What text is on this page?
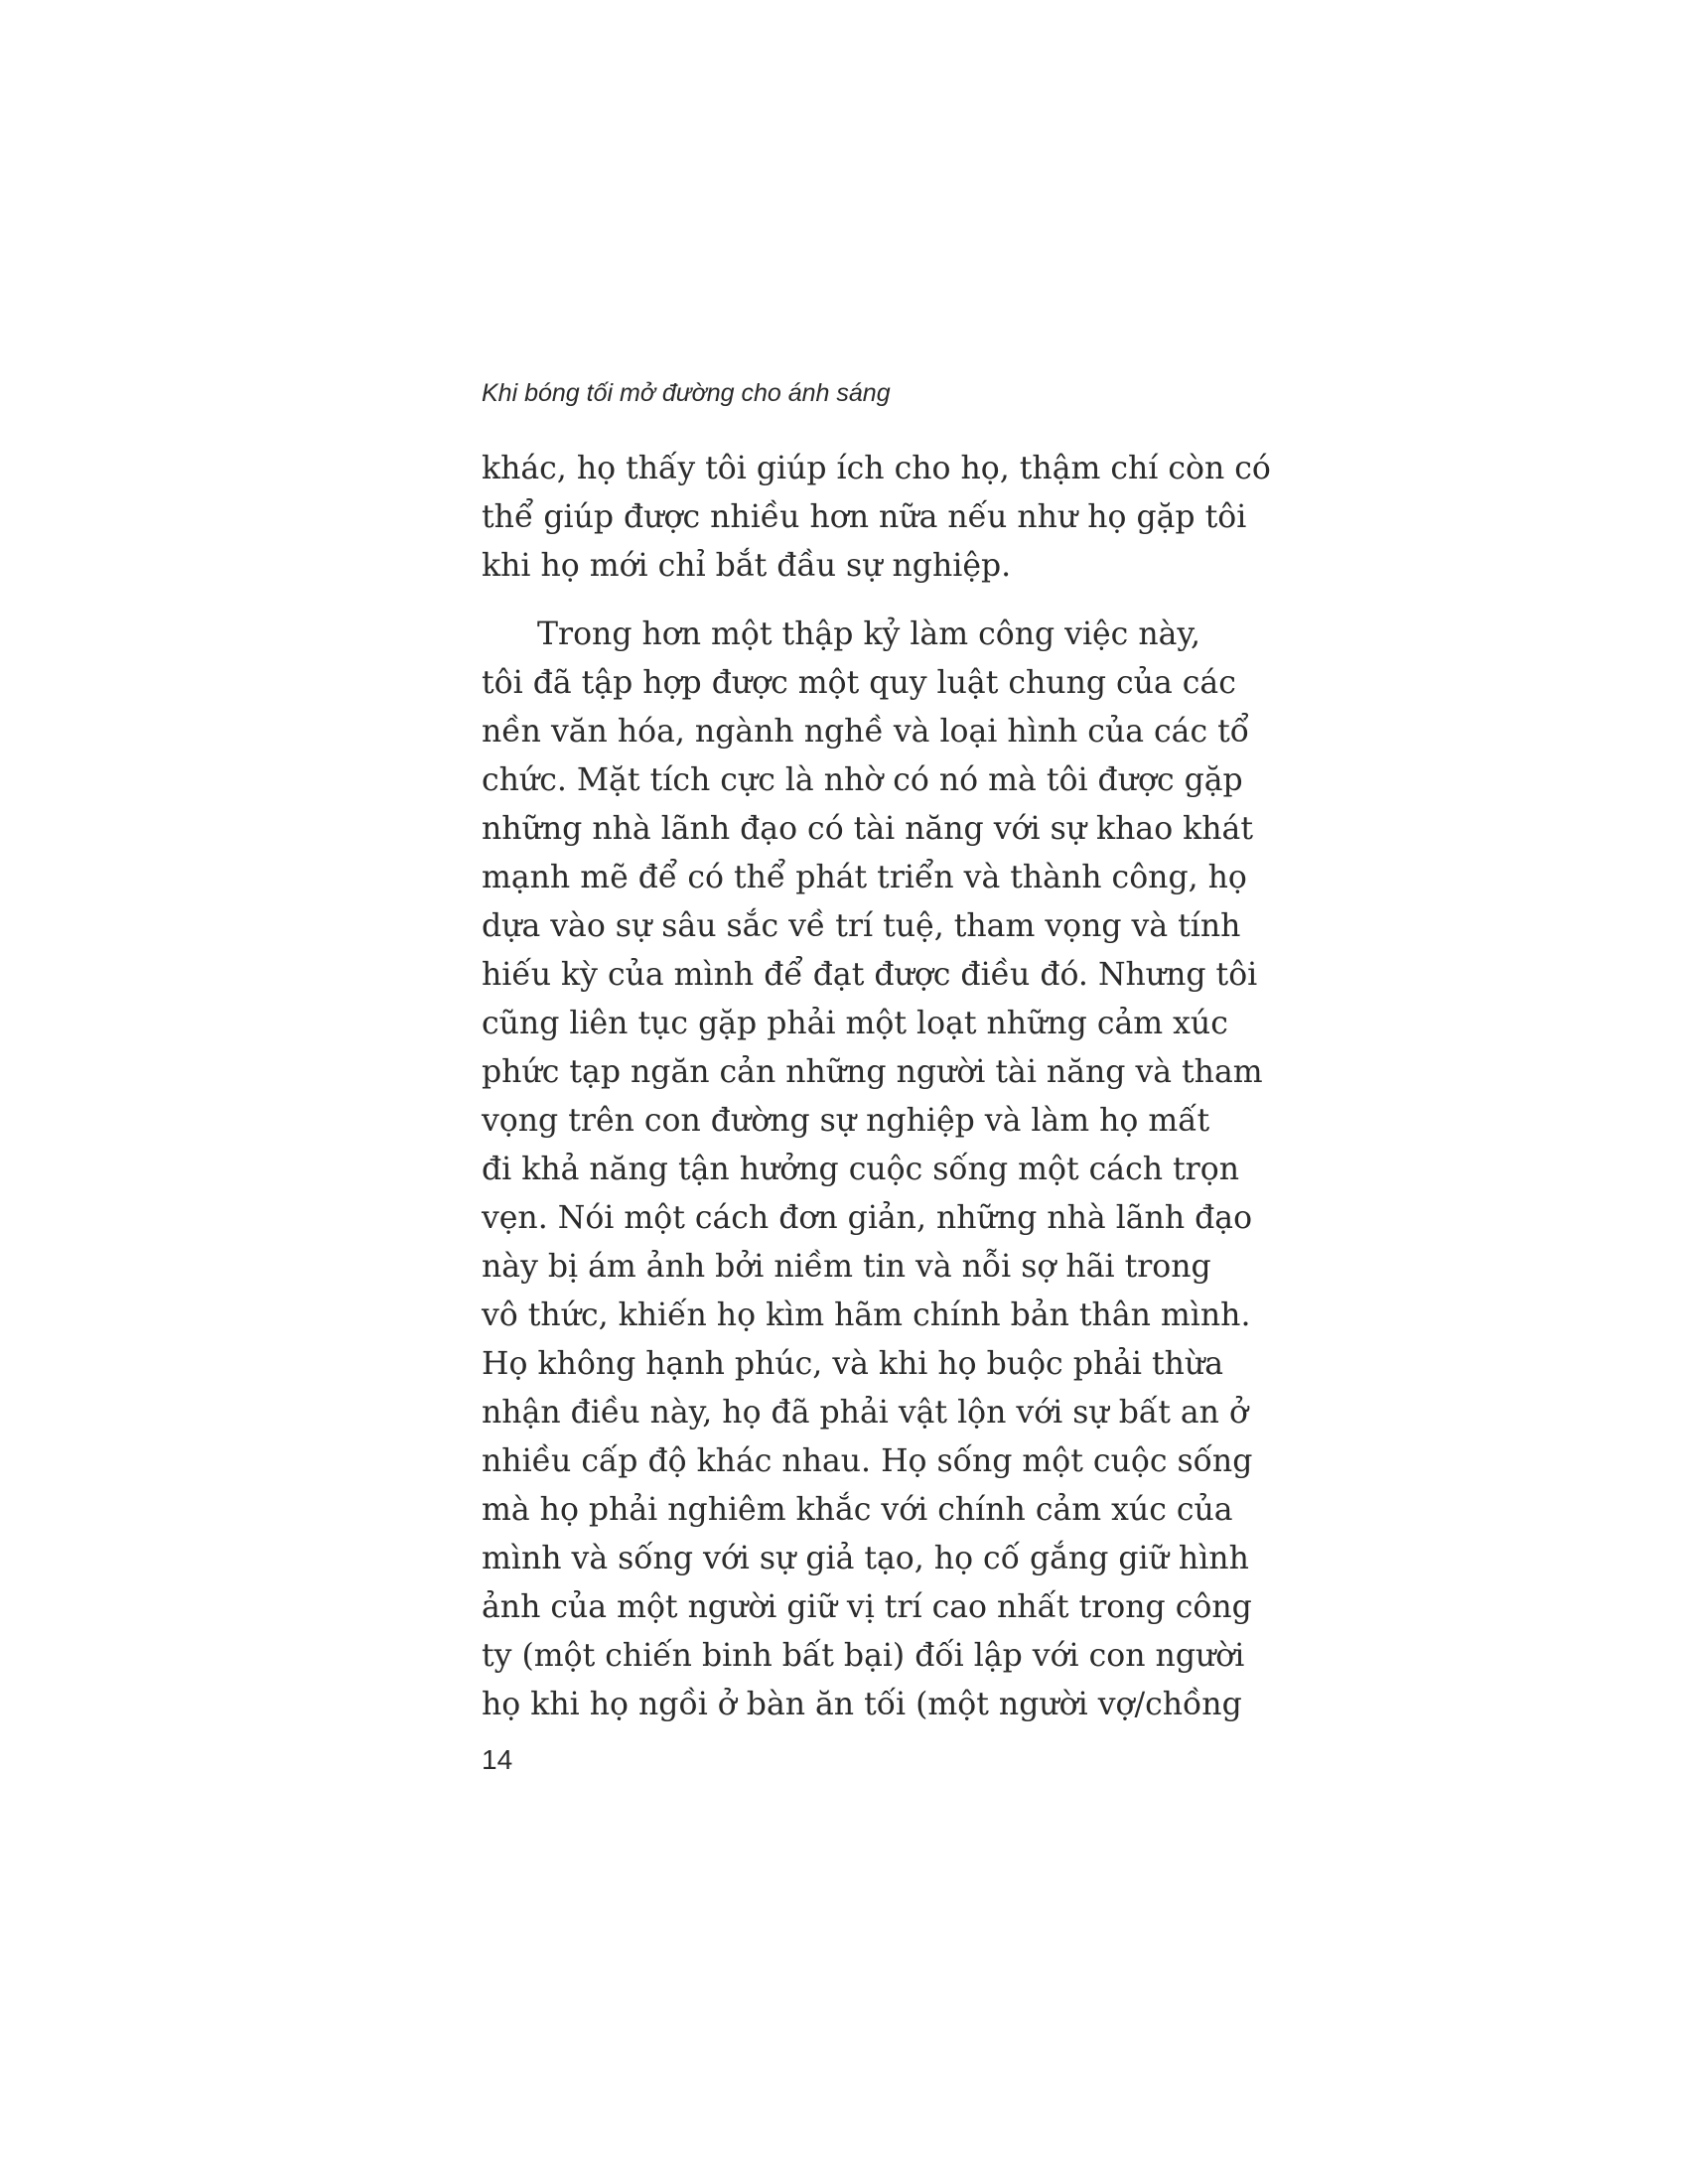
Khi bóng tối mở đường cho ánh sáng

khác, họ thấy tôi giúp ích cho họ, thậm chí còn có
thể giúp được nhiều hơn nữa nếu như họ gặp tôi
khi họ mới chỉ bắt đầu sự nghiệp.

Trong hơn một thập kỷ làm công việc này,
tôi đã tập hợp được một quy luật chung của các
nền văn hóa, ngành nghề và loại hình của các tổ
chức. Mặt tích cực là nhờ có nó mà tôi được gặp
những nhà lãnh đạo có tài năng với sự khao khát
mạnh mẽ để có thể phát triển và thành công, họ
dựa vào sự sâu sắc về trí tuệ, tham vọng và tính
hiếu kỳ của mình để đạt được điều đó. Nhưng tôi
cũng liên tục gặp phải một loạt những cảm xúc
phức tạp ngăn cản những người tài năng và tham
vọng trên con đường sự nghiệp và làm họ mất
đi khả năng tận hưởng cuộc sống một cách trọn
vẹn. Nói một cách đơn giản, những nhà lãnh đạo
này bị ám ảnh bởi niềm tin và nỗi sợ hãi trong
vô thức, khiến họ kìm hãm chính bản thân mình.
Họ không hạnh phúc, và khi họ buộc phải thừa
nhận điều này, họ đã phải vật lộn với sự bất an ở
nhiều cấp độ khác nhau. Họ sống một cuộc sống
mà họ phải nghiêm khắc với chính cảm xúc của
mình và sống với sự giả tạo, họ cố gắng giữ hình
ảnh của một người giữ vị trí cao nhất trong công
ty (một chiến binh bất bại) đối lập với con người
họ khi họ ngồi ở bàn ăn tối (một người vợ/chồng

14
